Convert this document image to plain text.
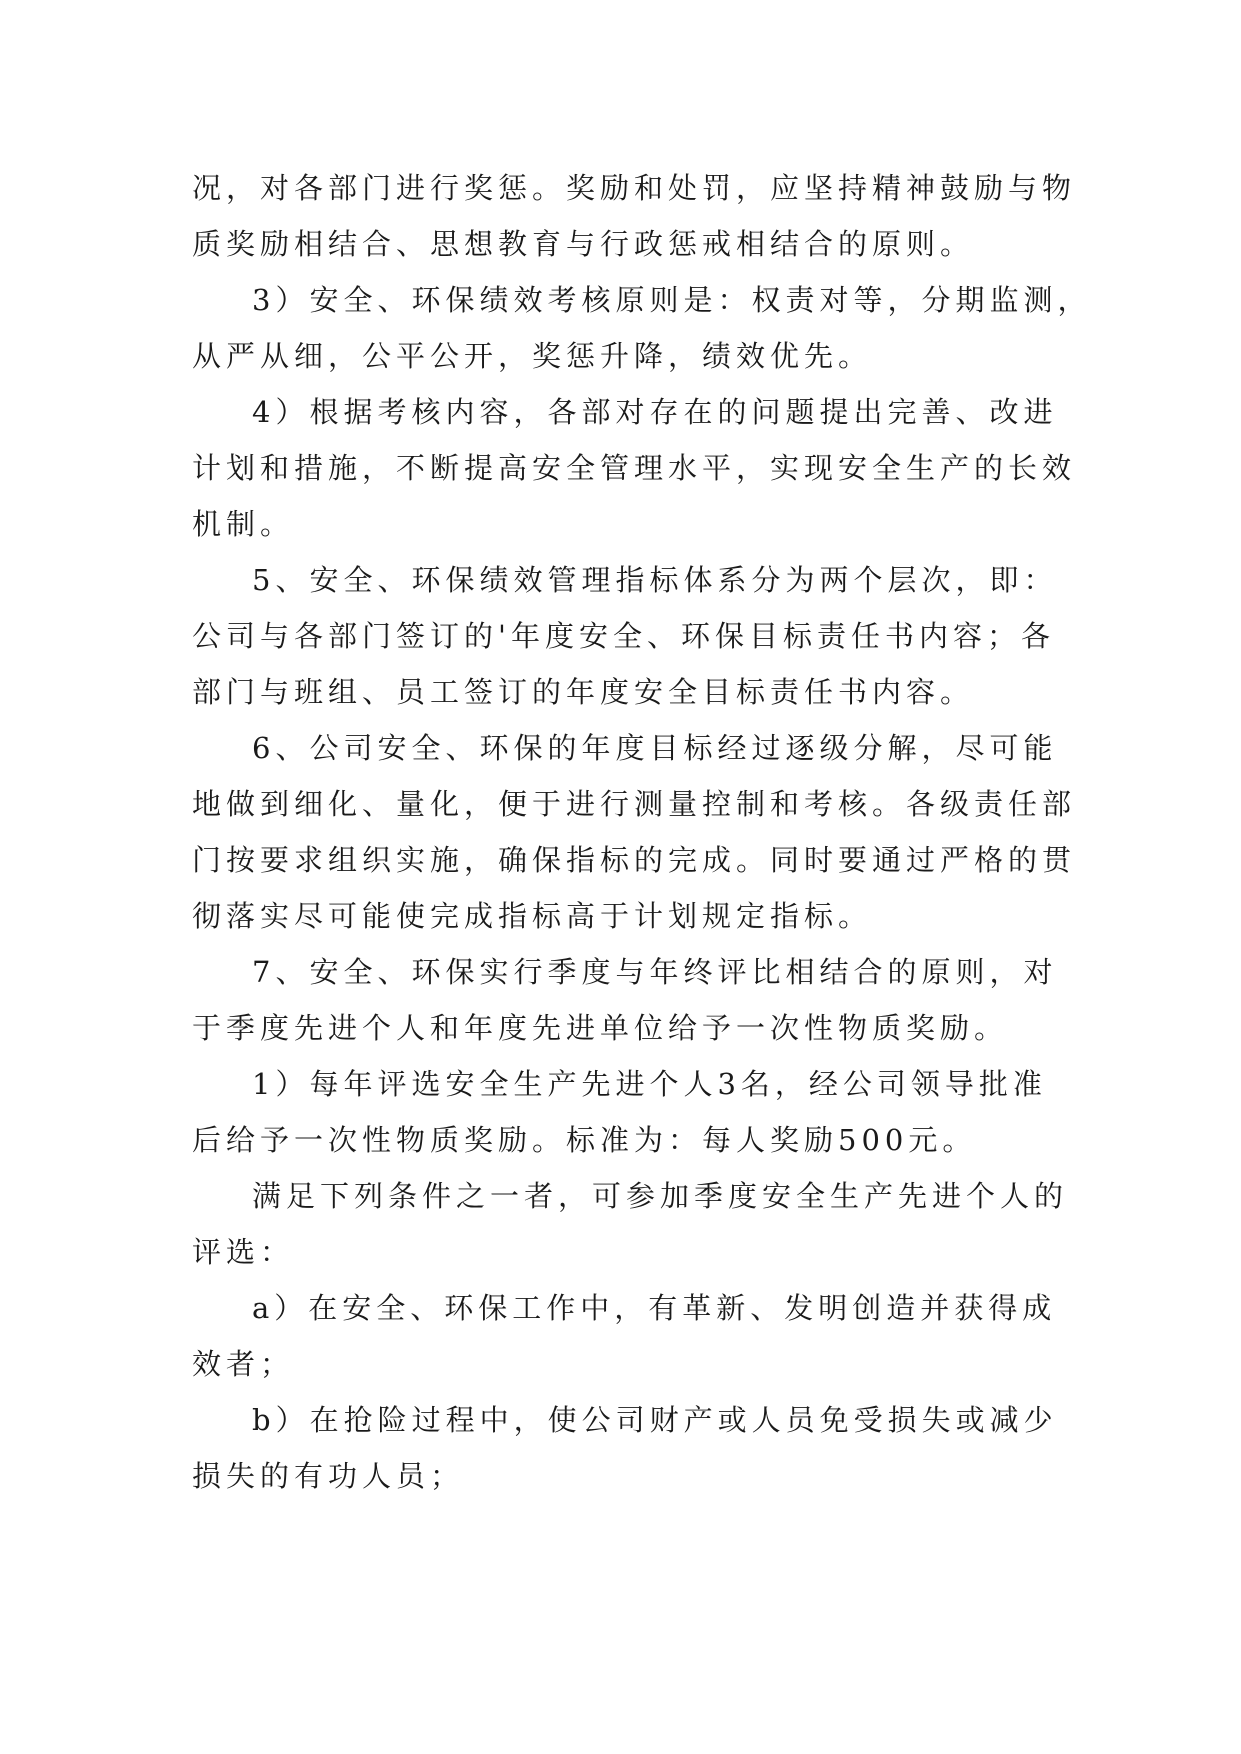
况，对各部门进行奖惩。奖励和处罚，应坚持精神鼓励与物
质奖励相结合、思想教育与行政惩戒相结合的原则。
3）安全、环保绩效考核原则是：权责对等，分期监测，
从严从细，公平公开，奖惩升降，绩效优先。
4）根据考核内容，各部对存在的问题提出完善、改进
计划和措施，不断提高安全管理水平，实现安全生产的长效
机制。
5、安全、环保绩效管理指标体系分为两个层次，即：
公司与各部门签订的'年度安全、环保目标责任书内容；各
部门与班组、员工签订的年度安全目标责任书内容。
6、公司安全、环保的年度目标经过逐级分解，尽可能
地做到细化、量化，便于进行测量控制和考核。各级责任部
门按要求组织实施，确保指标的完成。同时要通过严格的贯
彻落实尽可能使完成指标高于计划规定指标。
7、安全、环保实行季度与年终评比相结合的原则，对
于季度先进个人和年度先进单位给予一次性物质奖励。
1）每年评选安全生产先进个人3名，经公司领导批准
后给予一次性物质奖励。标准为：每人奖励500元。
满足下列条件之一者，可参加季度安全生产先进个人的
评选：
a）在安全、环保工作中，有革新、发明创造并获得成
效者；
b）在抢险过程中，使公司财产或人员免受损失或减少
损失的有功人员；
